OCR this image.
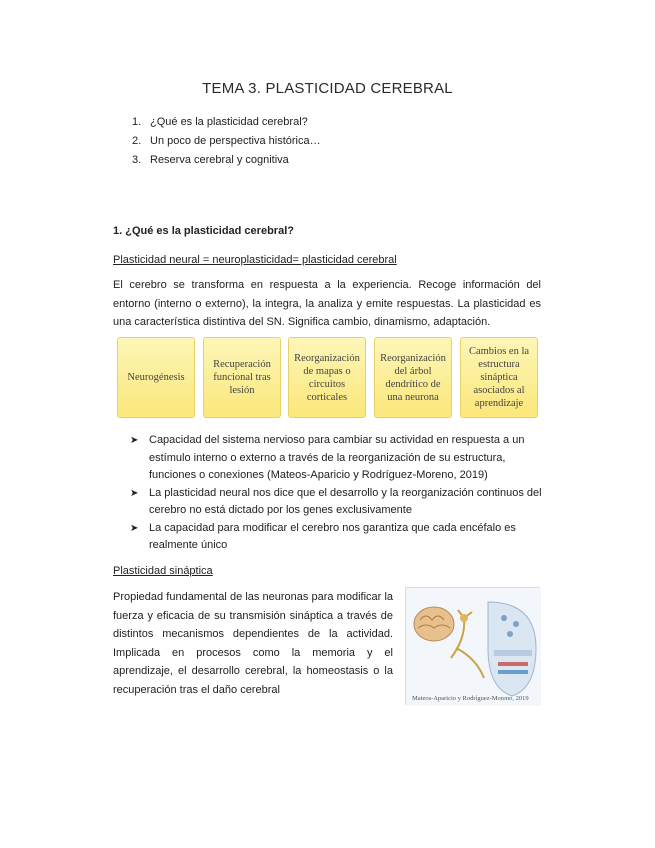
TEMA 3. PLASTICIDAD CEREBRAL
1. ¿Qué es la plasticidad cerebral?
2. Un poco de perspectiva histórica…
3. Reserva cerebral y cognitiva
1. ¿Qué es la plasticidad cerebral?
Plasticidad neural = neuroplasticidad= plasticidad cerebral
El cerebro se transforma en respuesta a la experiencia. Recoge información del entorno (interno o externo), la integra, la analiza y emite respuestas. La plasticidad es una característica distintiva del SN. Significa cambio, dinamismo, adaptación.
Neurogénesis
Recuperación funcional tras lesión
Reorganización de mapas o circuitos corticales
Reorganización del árbol dendrítico de una neurona
Cambios en la estructura sináptica asociados al aprendizaje
➤ Capacidad del sistema nervioso para cambiar su actividad en respuesta a un estímulo interno o externo a través de la reorganización de su estructura, funciones o conexiones (Mateos-Aparicio y Rodríguez-Moreno, 2019)
➤ La plasticidad neural nos dice que el desarrollo y la reorganización continuos del cerebro no está dictado por los genes exclusivamente
➤ La capacidad para modificar el cerebro nos garantiza que cada encéfalo es realmente único
Plasticidad sináptica
Propiedad fundamental de las neuronas para modificar la fuerza y eficacia de su transmisión sináptica a través de distintos mecanismos dependientes de la actividad. Implicada en procesos como la memoria y el aprendizaje, el desarrollo cerebral, la homeostasis o la recuperación tras el daño cerebral
Mateos-Aparicio y Rodríguez-Moreno, 2019
